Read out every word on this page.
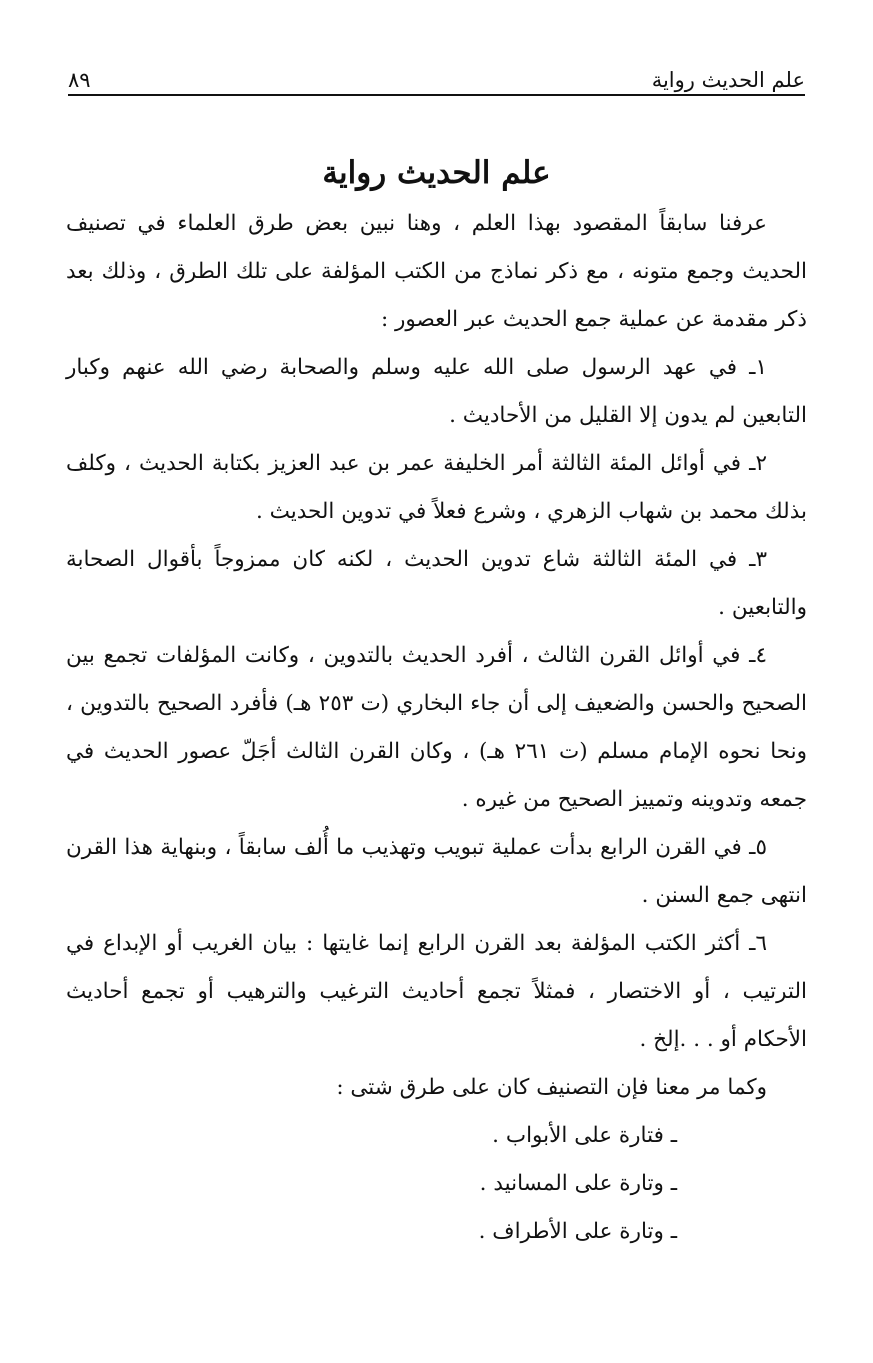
علم الحديث رواية
٨٩
علم الحديث رواية

عرفنا سابقاً المقصود بهذا العلم ، وهنا نبين بعض طرق العلماء في تصنيف الحديث وجمع متونه ، مع ذكر نماذج من الكتب المؤلفة على تلك الطرق ، وذلك بعد ذكر مقدمة عن عملية جمع الحديث عبر العصور :

١ـ في عهد الرسول صلى الله عليه وسلم والصحابة رضي الله عنهم وكبار التابعين لم يدون إلا القليل من الأحاديث .

٢ـ في أوائل المئة الثالثة أمر الخليفة عمر بن عبد العزيز بكتابة الحديث ، وكلف بذلك محمد بن شهاب الزهري ، وشرع فعلاً في تدوين الحديث .

٣ـ في المئة الثالثة شاع تدوين الحديث ، لكنه كان ممزوجاً بأقوال الصحابة والتابعين .

٤ـ في أوائل القرن الثالث ، أفرد الحديث بالتدوين ، وكانت المؤلفات تجمع بين الصحيح والحسن والضعيف إلى أن جاء البخاري (ت ٢٥٣ هـ) فأفرد الصحيح بالتدوين ، ونحا نحوه الإمام مسلم (ت ٢٦١ هـ) ، وكان القرن الثالث أجَلّ عصور الحديث في جمعه وتدوينه وتمييز الصحيح من غيره .

٥ـ في القرن الرابع بدأت عملية تبويب وتهذيب ما أُلف سابقاً ، وبنهاية هذا القرن انتهى جمع السنن .

٦ـ أكثر الكتب المؤلفة بعد القرن الرابع إنما غايتها : بيان الغريب أو الإبداع في الترتيب ، أو الاختصار ، فمثلاً تجمع أحاديث الترغيب والترهيب أو تجمع أحاديث الأحكام أو . . .إلخ .

وكما مر معنا فإن التصنيف كان على طرق شتى :

ـ فتارة على الأبواب .

ـ وتارة على المسانيد .

ـ وتارة على الأطراف .
